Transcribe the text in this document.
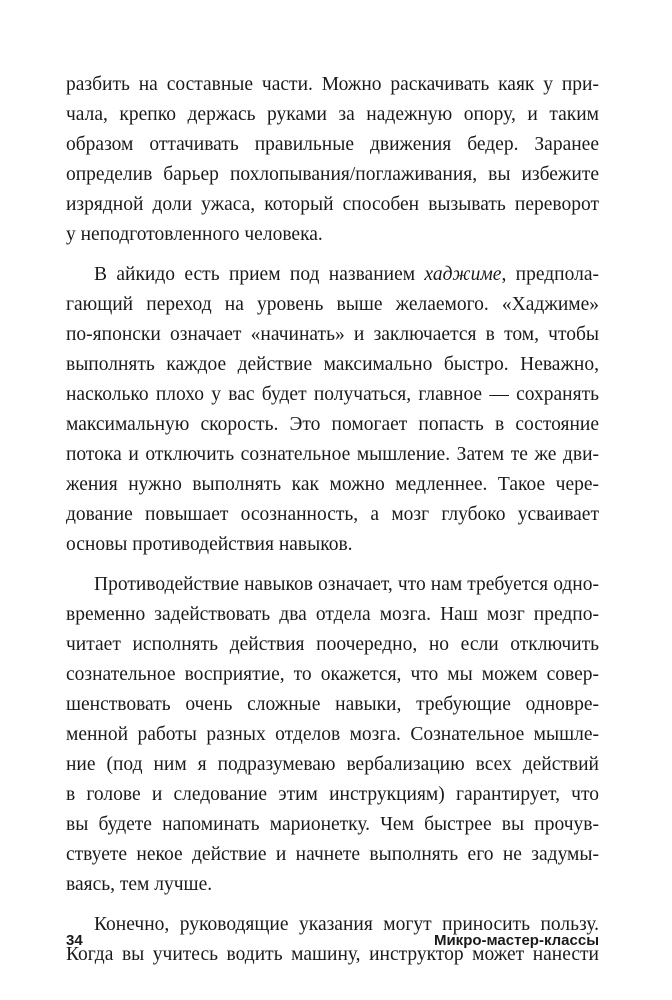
разбить на составные части. Можно раскачивать каяк у при-
чала, крепко держась руками за надежную опору, и таким
образом оттачивать правильные движения бедер. Заранее
определив барьер похлопывания/поглаживания, вы избежите
изрядной доли ужаса, который способен вызывать переворот
у неподготовленного человека.
В айкидо есть прием под названием хаджиме, предпола-
гающий переход на уровень выше желаемого. «Хаджиме»
по-японски означает «начинать» и заключается в том, чтобы
выполнять каждое действие максимально быстро. Неважно,
насколько плохо у вас будет получаться, главное — сохранять
максимальную скорость. Это помогает попасть в состояние
потока и отключить сознательное мышление. Затем те же дви-
жения нужно выполнять как можно медленнее. Такое чере-
дование повышает осознанность, а мозг глубоко усваивает
основы противодействия навыков.
Противодействие навыков означает, что нам требуется одно-
временно задействовать два отдела мозга. Наш мозг предпо-
читает исполнять действия поочередно, но если отключить
сознательное восприятие, то окажется, что мы можем совер-
шенствовать очень сложные навыки, требующие одновре-
менной работы разных отделов мозга. Сознательное мышле-
ние (под ним я подразумеваю вербализацию всех действий
в голове и следование этим инструкциям) гарантирует, что
вы будете напоминать марионетку. Чем быстрее вы прочув-
ствуете некое действие и начнете выполнять его не задумы-
ваясь, тем лучше.
Конечно, руководящие указания могут приносить пользу.
Когда вы учитесь водить машину, инструктор может нанести
34	Микро-мастер-классы
